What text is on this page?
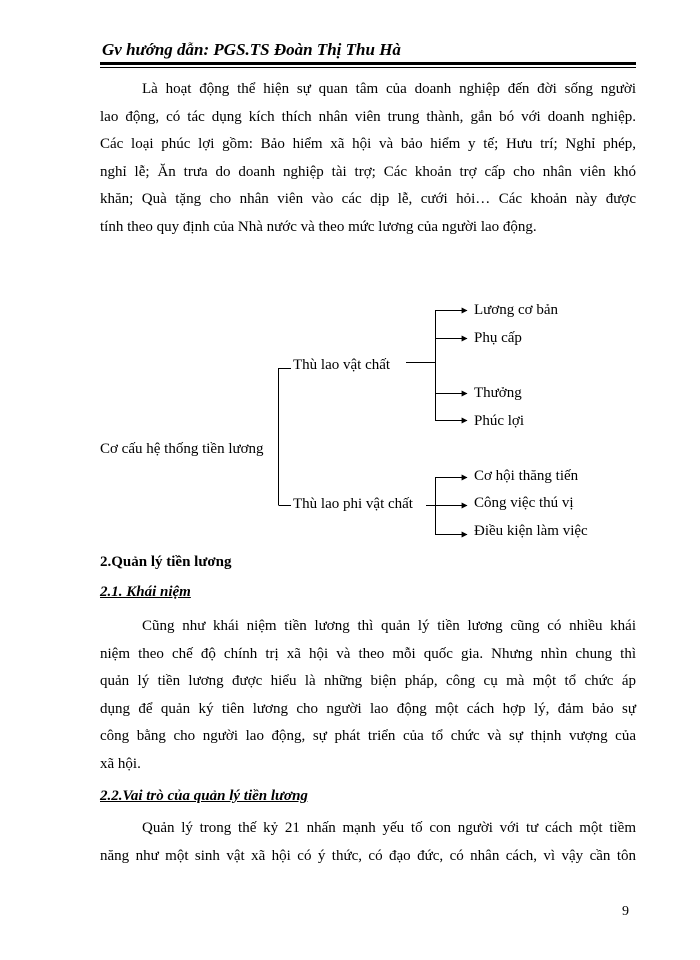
Gv hướng dẫn: PGS.TS Đoàn Thị Thu Hà
Là hoạt động thể hiện sự quan tâm của doanh nghiệp đến đời sống người
lao động, có tác dụng kích thích nhân viên trung thành, gắn bó với doanh nghiệp.
Các loại phúc lợi gồm: Bảo hiểm xã hội và bảo hiểm y tế; Hưu trí; Nghỉ phép,
nghỉ lễ; Ăn trưa do doanh nghiệp tài trợ; Các khoản trợ cấp cho nhân viên khó
khăn; Quà tặng cho nhân viên vào các dịp lễ, cưới hỏi… Các khoản này được
tính theo quy định của Nhà nước và theo mức lương của người lao động.
Cơ cấu hệ thống tiền lương
Thù lao vật chất
Thù lao phi vật chất
Lương cơ bản
Phụ cấp
Thưởng
Phúc lợi
Cơ hội thăng tiến
Công việc thú vị
Điều kiện làm việc
2.Quản lý tiền lương
2.1. Khái niệm
Cũng như khái niệm tiền lương thì quản lý tiền lương cũng có nhiều khái
niệm theo chế độ chính trị xã hội và theo mỗi quốc gia. Nhưng nhìn chung thì
quản lý tiền lương được hiểu là những biện pháp, công cụ mà một tổ chức áp
dụng để quản ký tiên lương cho người lao động một cách hợp lý, đảm bảo sự
công bằng cho người lao động, sự phát triển của tổ chức và sự thịnh vượng của
xã hội.
2.2.Vai trò của quản lý tiền lương
Quản lý trong thế kỷ 21 nhấn mạnh yếu tố con người với tư cách một tiềm
năng như một sinh vật xã hội có ý thức, có đạo đức, có nhân cách, vì vậy cần tôn
9
